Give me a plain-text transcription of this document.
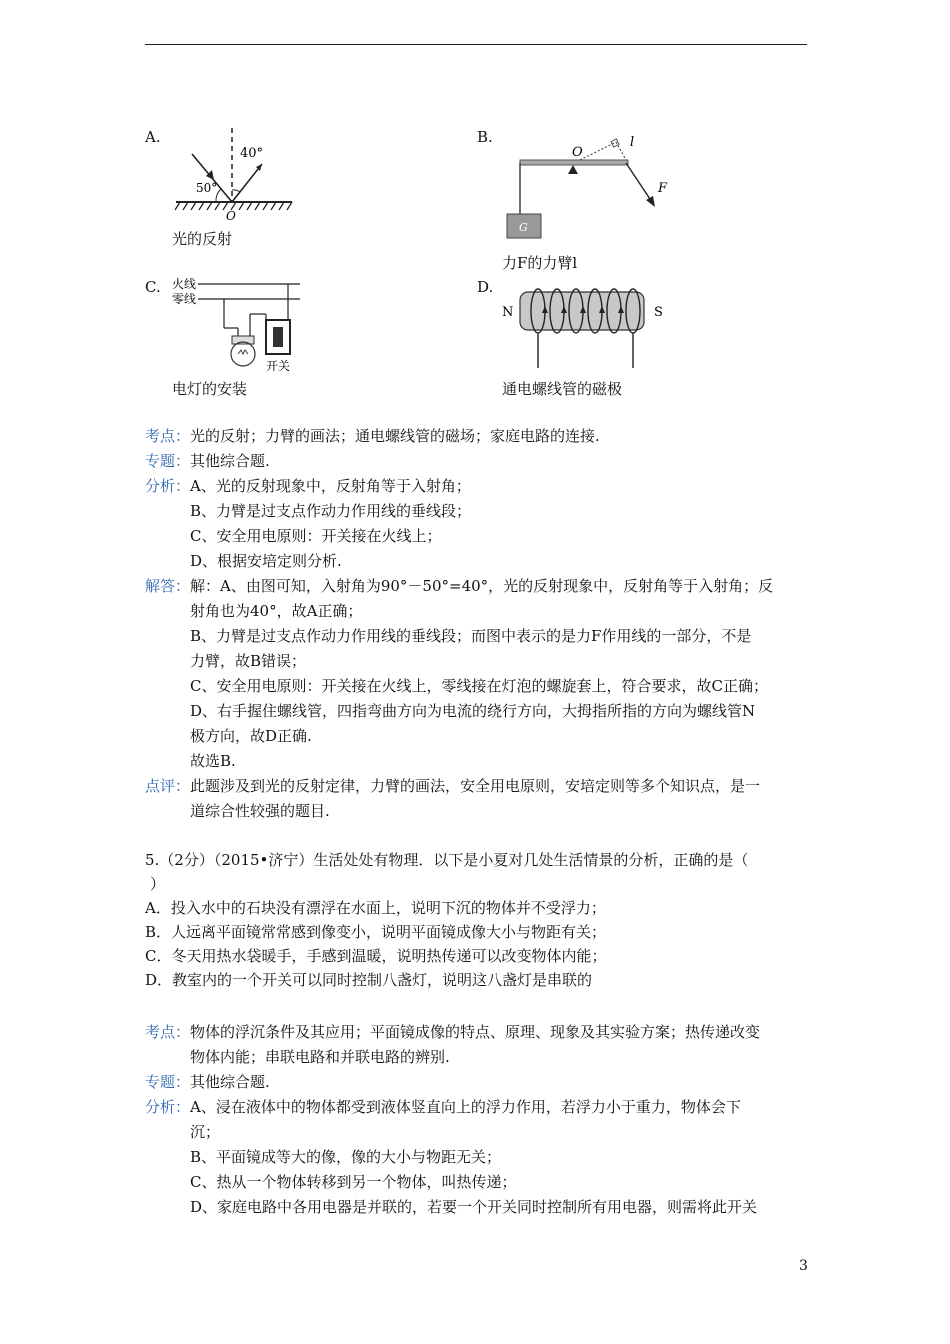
A.
40°
50°
O
光的反射
B.
G
O
l
F
力F的力臂l
C. 火线
零线
开关
电灯的安装
D.
N	S
通电螺线管的磁极
考点：光的反射；力臂的画法；通电螺线管的磁场；家庭电路的连接.
专题：其他综合题.
分析：A、光的反射现象中，反射角等于入射角；
B、力臂是过支点作动力作用线的垂线段；
C、安全用电原则：开关接在火线上；
D、根据安培定则分析.
解答：解：A、由图可知，入射角为90°－50°=40°，光的反射现象中，反射角等于入射角；反
射角也为40°，故A正确；
B、力臂是过支点作动力作用线的垂线段；而图中表示的是力F作用线的一部分，不是
力臂，故B错误；
C、安全用电原则：开关接在火线上，零线接在灯泡的螺旋套上，符合要求，故C正确；
D、右手握住螺线管，四指弯曲方向为电流的绕行方向，大拇指所指的方向为螺线管N
极方向，故D正确.
故选B.
点评：此题涉及到光的反射定律，力臂的画法，安全用电原则，安培定则等多个知识点，是一
道综合性较强的题目.
5.（2分）（2015•济宁）生活处处有物理．以下是小夏对几处生活情景的分析，正确的是（
）
A．投入水中的石块没有漂浮在水面上，说明下沉的物体并不受浮力；
B．人远离平面镜常常感到像变小，说明平面镜成像大小与物距有关；
C．冬天用热水袋暖手，手感到温暖，说明热传递可以改变物体内能；
D．教室内的一个开关可以同时控制八盏灯，说明这八盏灯是串联的
考点：物体的浮沉条件及其应用；平面镜成像的特点、原理、现象及其实验方案；热传递改变
物体内能；串联电路和并联电路的辨别.
专题：其他综合题.
分析：A、浸在液体中的物体都受到液体竖直向上的浮力作用，若浮力小于重力，物体会下
沉；
B、平面镜成等大的像，像的大小与物距无关；
C、热从一个物体转移到另一个物体，叫热传递；
D、家庭电路中各用电器是并联的，若要一个开关同时控制所有用电器，则需将此开关
3
